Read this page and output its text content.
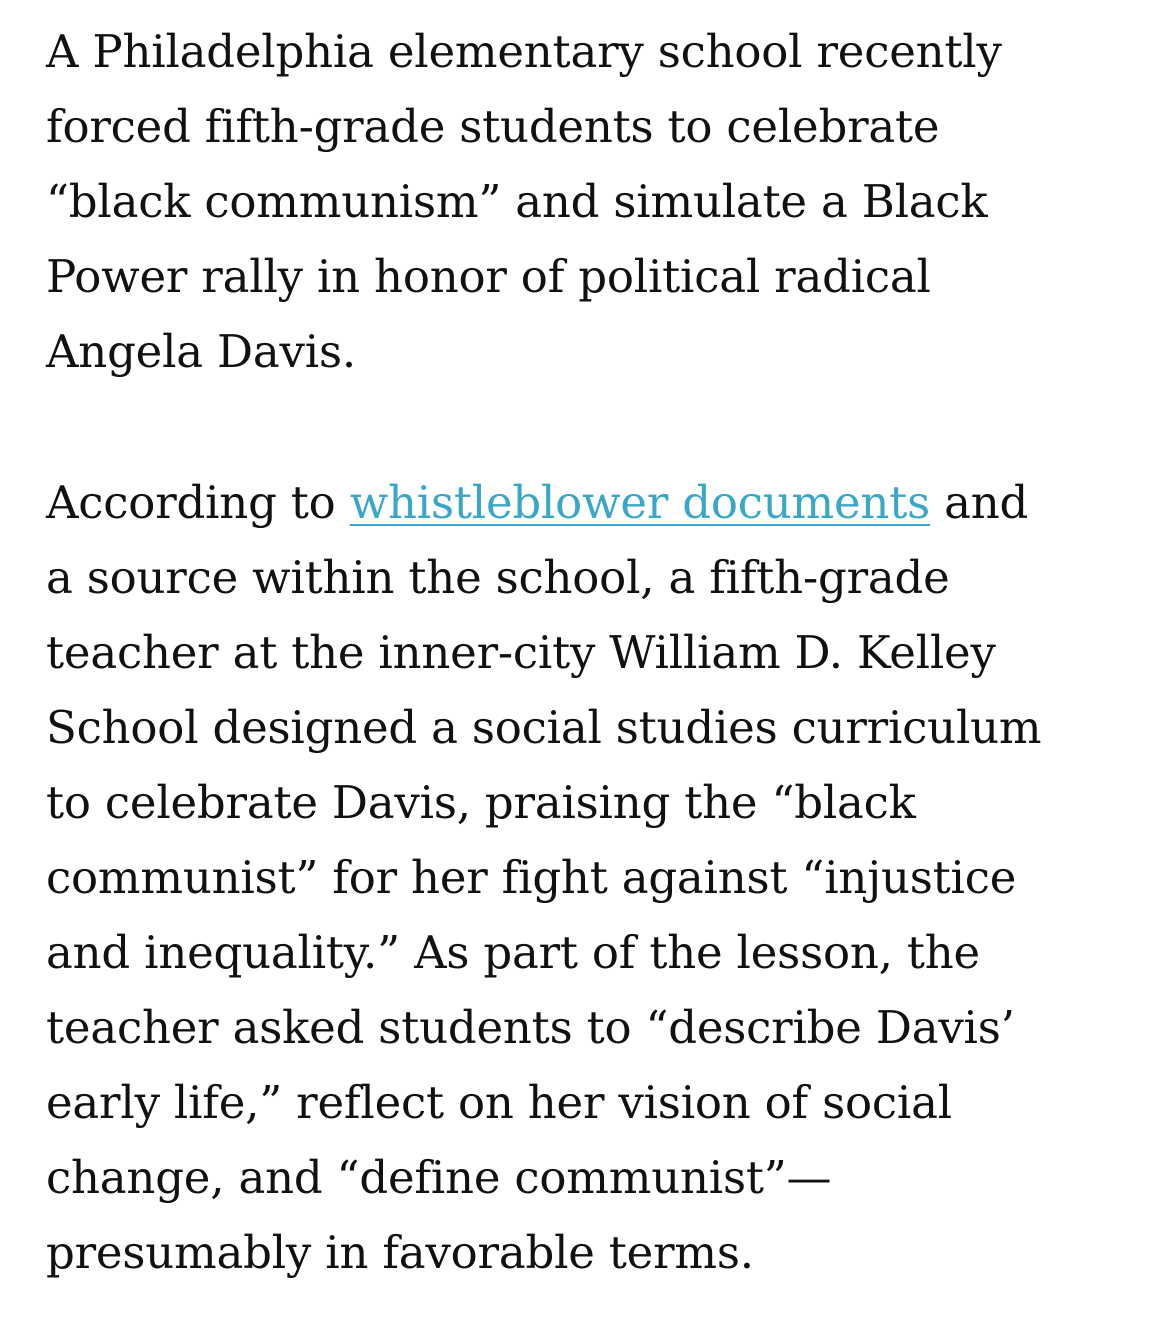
A Philadelphia elementary school recently
forced fifth-grade students to celebrate
“black communism” and simulate a Black
Power rally in honor of political radical
Angela Davis.

According to whistleblower documents and
a source within the school, a fifth-grade
teacher at the inner-city William D. Kelley
School designed a social studies curriculum
to celebrate Davis, praising the “black
communist” for her fight against “injustice
and inequality.” As part of the lesson, the
teacher asked students to “describe Davis’
early life,” reflect on her vision of social
change, and “define communist”—
presumably in favorable terms.
